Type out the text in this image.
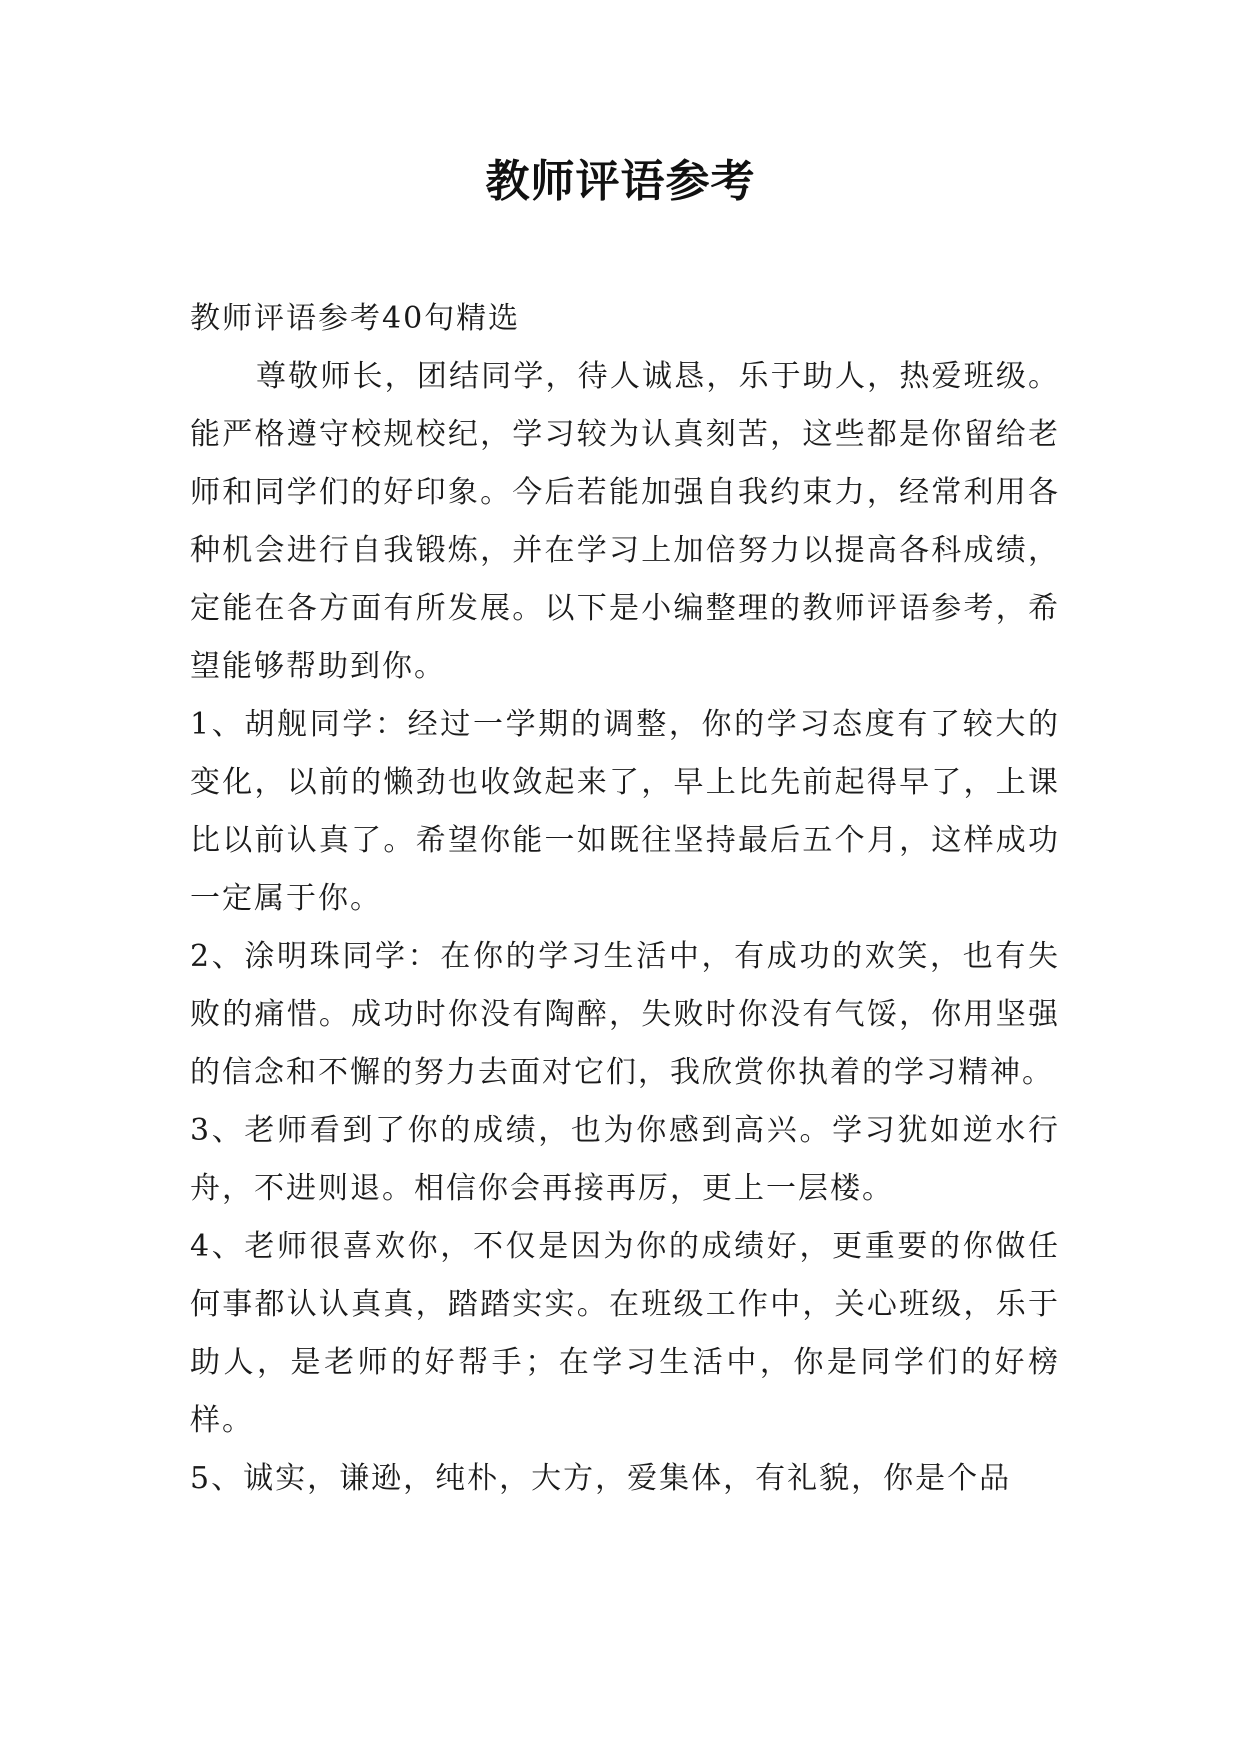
教师评语参考

教师评语参考40句精选

尊敬师长，团结同学，待人诚恳，乐于助人，热爱班级。能严格遵守校规校纪，学习较为认真刻苦，这些都是你留给老师和同学们的好印象。今后若能加强自我约束力，经常利用各种机会进行自我锻炼，并在学习上加倍努力以提高各科成绩，定能在各方面有所发展。以下是小编整理的教师评语参考，希望能够帮助到你。

1、胡舰同学：经过一学期的调整，你的学习态度有了较大的变化，以前的懒劲也收敛起来了，早上比先前起得早了，上课比以前认真了。希望你能一如既往坚持最后五个月，这样成功一定属于你。

2、涂明珠同学：在你的学习生活中，有成功的欢笑，也有失败的痛惜。成功时你没有陶醉，失败时你没有气馁，你用坚强的信念和不懈的努力去面对它们，我欣赏你执着的学习精神。

3、老师看到了你的成绩，也为你感到高兴。学习犹如逆水行舟，不进则退。相信你会再接再厉，更上一层楼。

4、老师很喜欢你，不仅是因为你的成绩好，更重要的你做任何事都认认真真，踏踏实实。在班级工作中，关心班级，乐于助人，是老师的好帮手；在学习生活中，你是同学们的好榜样。

5、诚实，谦逊，纯朴，大方，爱集体，有礼貌，你是个品
